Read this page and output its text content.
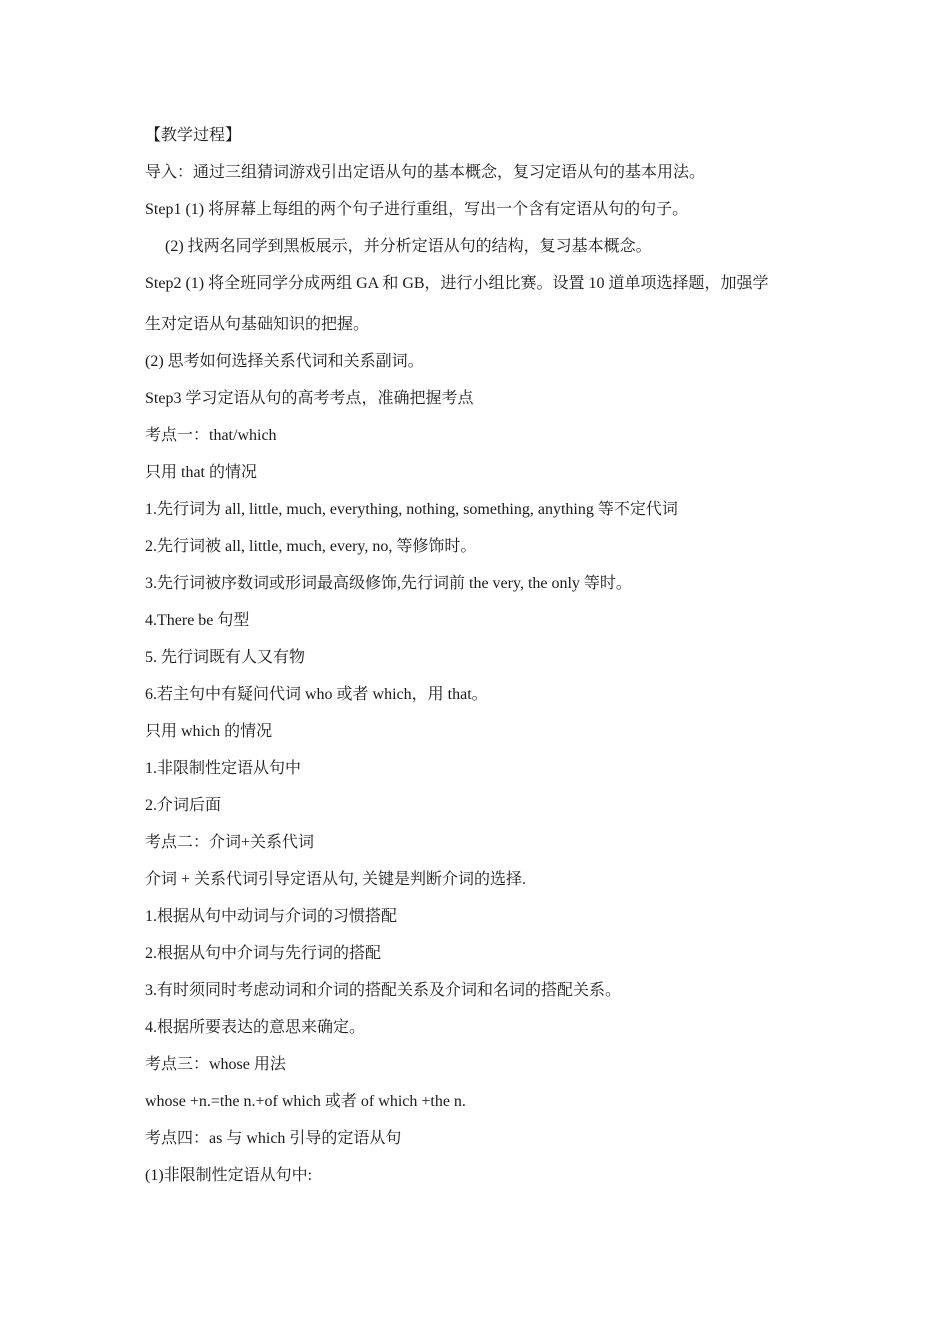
【教学过程】
导入：通过三组猜词游戏引出定语从句的基本概念，复习定语从句的基本用法。
Step1 (1) 将屏幕上每组的两个句子进行重组，写出一个含有定语从句的句子。
(2) 找两名同学到黑板展示，并分析定语从句的结构，复习基本概念。
Step2 (1) 将全班同学分成两组 GA 和 GB，进行小组比赛。设置 10 道单项选择题，加强学
生对定语从句基础知识的把握。
(2) 思考如何选择关系代词和关系副词。
Step3 学习定语从句的高考考点，准确把握考点
考点一：that/which
只用 that 的情况
1.先行词为 all, little, much, everything, nothing, something, anything 等不定代词
2.先行词被 all, little, much, every, no, 等修饰时。
3.先行词被序数词或形词最高级修饰,先行词前 the very, the only 等时。
4.There be 句型
5. 先行词既有人又有物
6.若主句中有疑问代词 who 或者 which，用 that。
只用 which 的情况
1.非限制性定语从句中
2.介词后面
考点二：介词+关系代词
介词 + 关系代词引导定语从句, 关键是判断介词的选择.
1.根据从句中动词与介词的习惯搭配
2.根据从句中介词与先行词的搭配
3.有时须同时考虑动词和介词的搭配关系及介词和名词的搭配关系。
4.根据所要表达的意思来确定。
考点三：whose 用法
whose +n.=the n.+of which 或者 of which +the n.
考点四：as 与 which 引导的定语从句
(1)非限制性定语从句中:
